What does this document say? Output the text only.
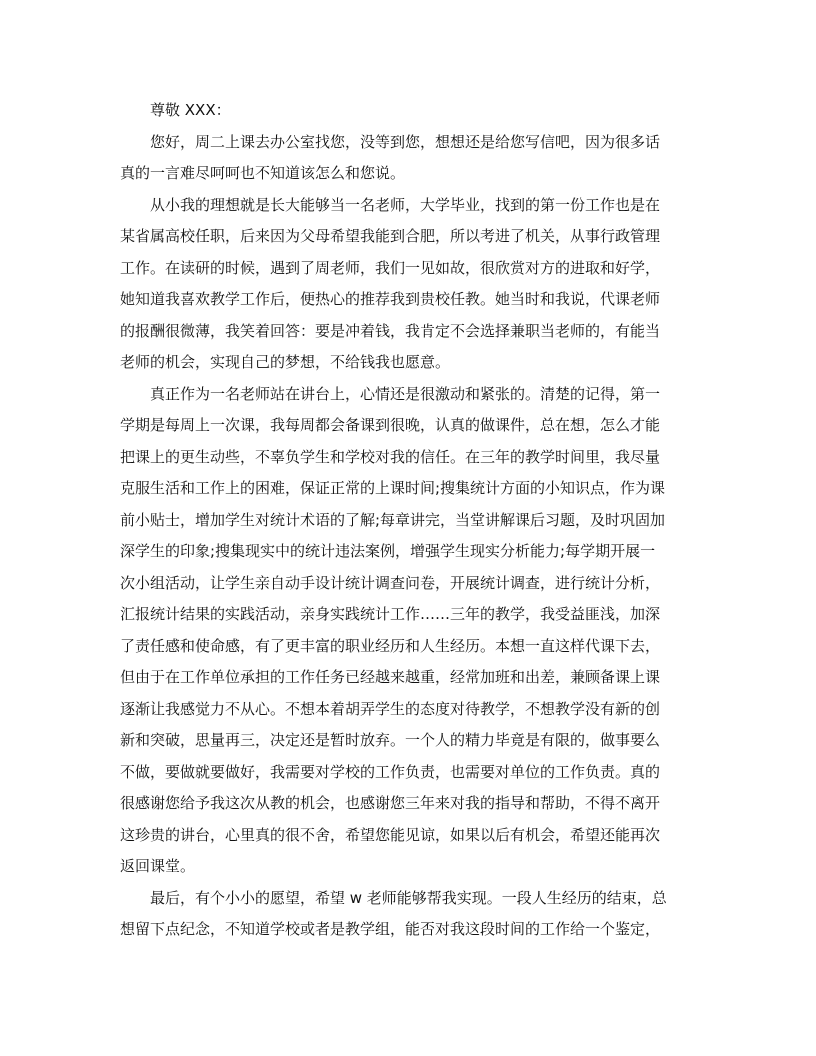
尊敬 XXX：
您好，周二上课去办公室找您，没等到您，想想还是给您写信吧，因为很多话
真的一言难尽呵呵也不知道该怎么和您说。
从小我的理想就是长大能够当一名老师，大学毕业，找到的第一份工作也是在
某省属高校任职，后来因为父母希望我能到合肥，所以考进了机关，从事行政管理
工作。在读研的时候，遇到了周老师，我们一见如故，很欣赏对方的进取和好学，
她知道我喜欢教学工作后，便热心的推荐我到贵校任教。她当时和我说，代课老师
的报酬很微薄，我笑着回答：要是冲着钱，我肯定不会选择兼职当老师的，有能当
老师的机会，实现自己的梦想，不给钱我也愿意。
真正作为一名老师站在讲台上，心情还是很激动和紧张的。清楚的记得，第一
学期是每周上一次课，我每周都会备课到很晚，认真的做课件，总在想，怎么才能
把课上的更生动些，不辜负学生和学校对我的信任。在三年的教学时间里，我尽量
克服生活和工作上的困难，保证正常的上课时间;搜集统计方面的小知识点，作为课
前小贴士，增加学生对统计术语的了解;每章讲完，当堂讲解课后习题，及时巩固加
深学生的印象;搜集现实中的统计违法案例，增强学生现实分析能力;每学期开展一
次小组活动，让学生亲自动手设计统计调查问卷，开展统计调查，进行统计分析，
汇报统计结果的实践活动，亲身实践统计工作……三年的教学，我受益匪浅，加深
了责任感和使命感，有了更丰富的职业经历和人生经历。本想一直这样代课下去，
但由于在工作单位承担的工作任务已经越来越重，经常加班和出差，兼顾备课上课
逐渐让我感觉力不从心。不想本着胡弄学生的态度对待教学，不想教学没有新的创
新和突破，思量再三，决定还是暂时放弃。一个人的精力毕竟是有限的，做事要么
不做，要做就要做好，我需要对学校的工作负责，也需要对单位的工作负责。真的
很感谢您给予我这次从教的机会，也感谢您三年来对我的指导和帮助，不得不离开
这珍贵的讲台，心里真的很不舍，希望您能见谅，如果以后有机会，希望还能再次
返回课堂。
最后，有个小小的愿望，希望 w 老师能够帮我实现。一段人生经历的结束，总
想留下点纪念，不知道学校或者是教学组，能否对我这段时间的工作给一个鉴定，
